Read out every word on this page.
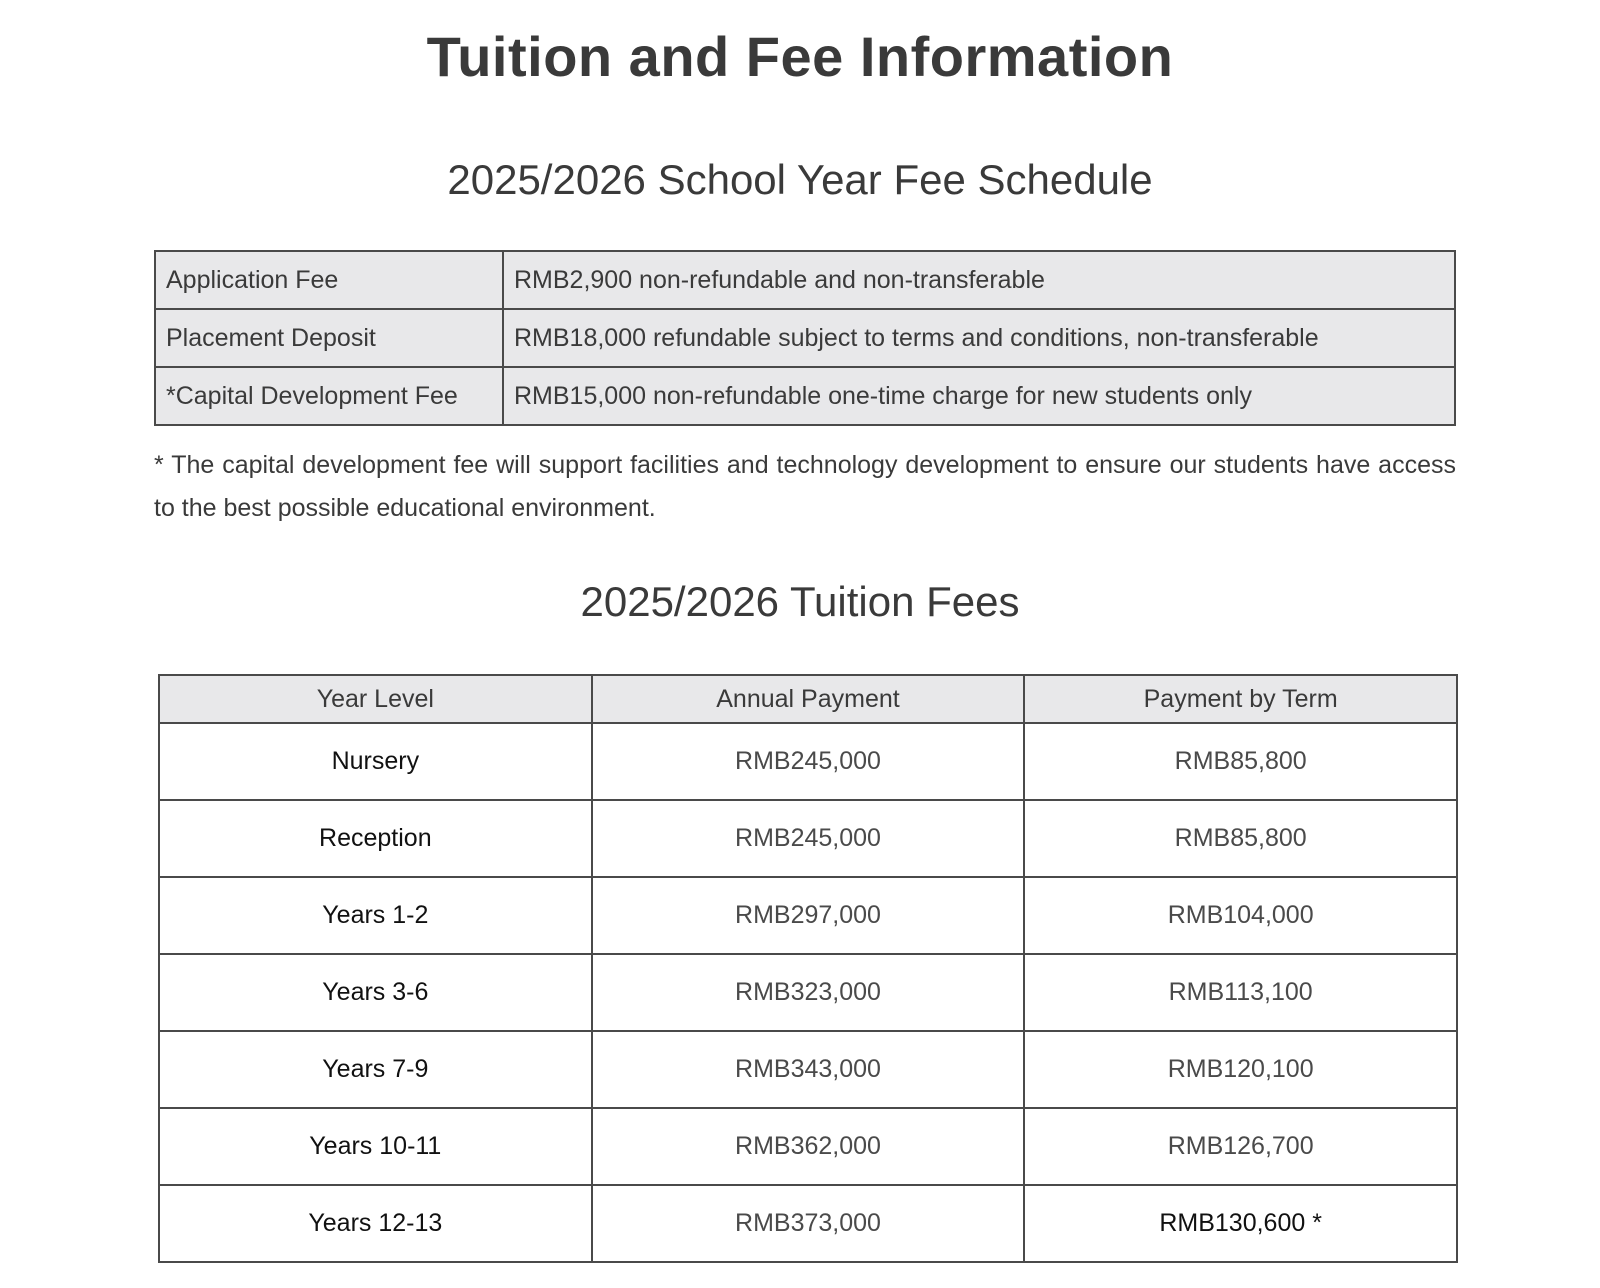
Tuition and Fee Information
2025/2026 School Year Fee Schedule
Application Fee	RMB2,900 non-refundable and non-transferable
Placement Deposit	RMB18,000 refundable subject to terms and conditions, non-transferable
*Capital Development Fee	RMB15,000 non-refundable one-time charge for new students only

* The capital development fee will support facilities and technology development to ensure our students have access to the best possible educational environment.

2025/2026 Tuition Fees
Year Level	Annual Payment	Payment by Term
Nursery	RMB245,000	RMB85,800
Reception	RMB245,000	RMB85,800
Years 1-2	RMB297,000	RMB104,000
Years 3-6	RMB323,000	RMB113,100
Years 7-9	RMB343,000	RMB120,100
Years 10-11	RMB362,000	RMB126,700
Years 12-13	RMB373,000	RMB130,600 *
